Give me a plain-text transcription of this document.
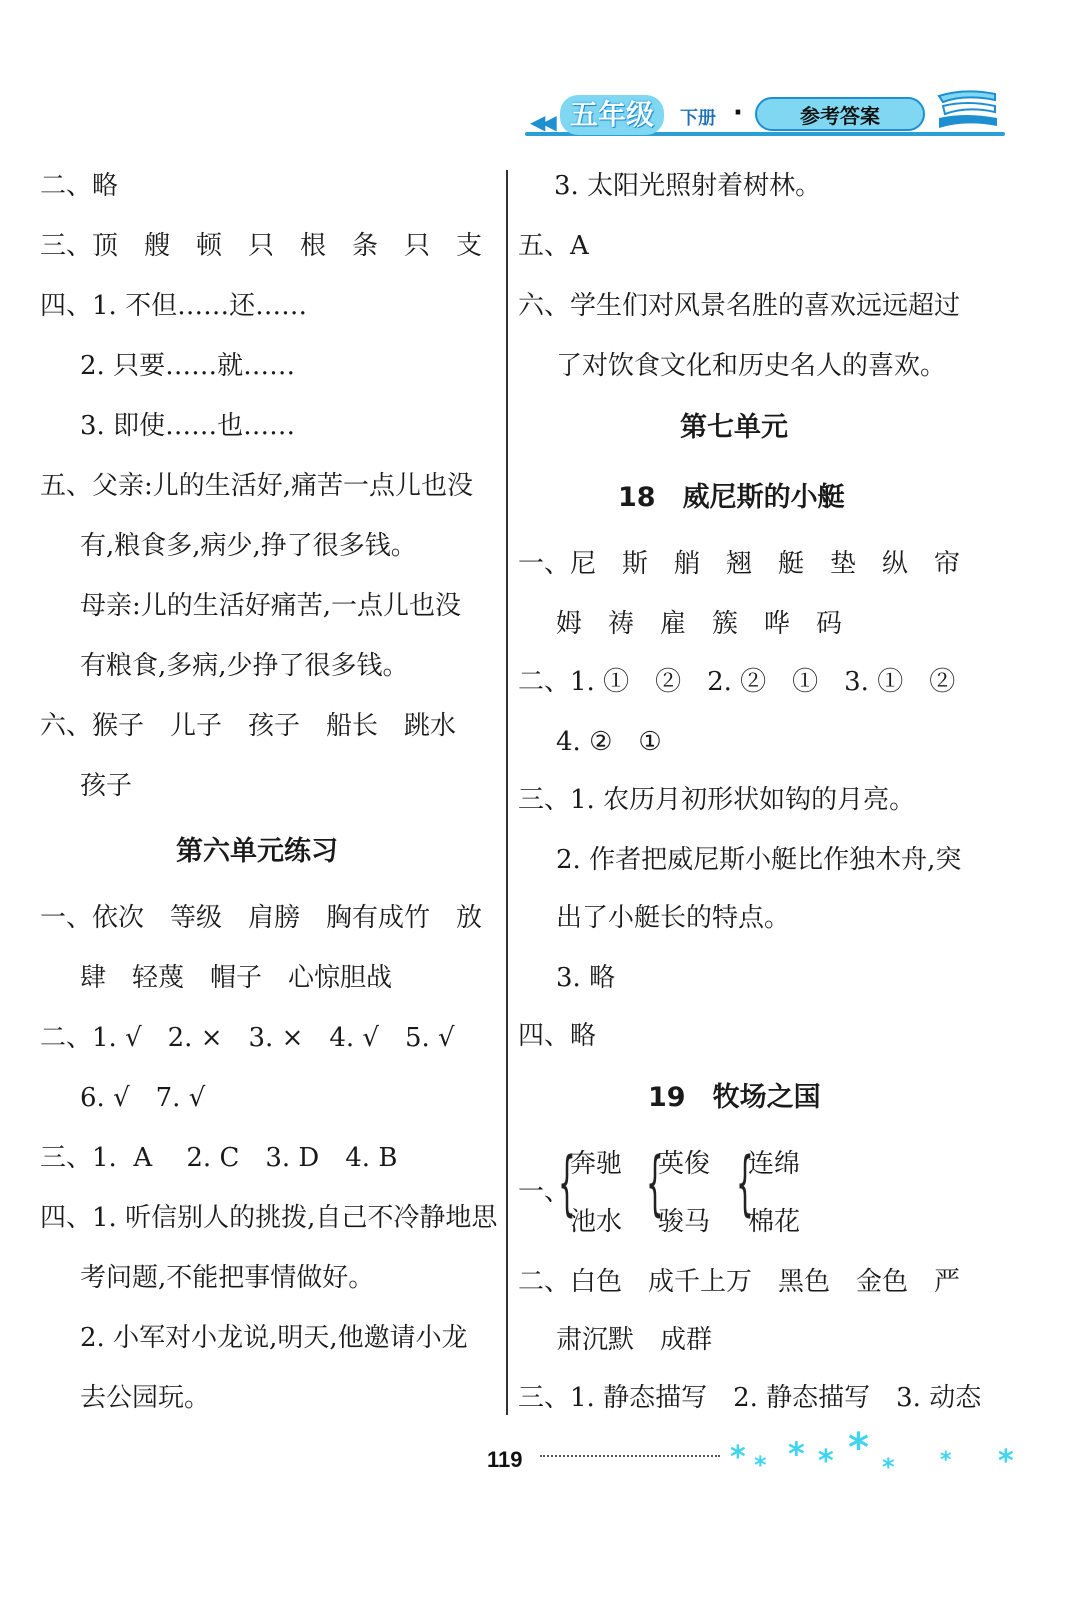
◀◀ 五年级	下册 ·	参考答案
二、略
三、顶　艘　顿　只　根　条　只　支
四、1. 不但……还……
2. 只要……就……
3. 即使……也……
五、父亲:儿的生活好,痛苦一点儿也没
有,粮食多,病少,挣了很多钱。
母亲:儿的生活好痛苦,一点儿也没
有粮食,多病,少挣了很多钱。
六、猴子　儿子　孩子　船长　跳水
孩子
第六单元练习
一、依次　等级　肩膀　胸有成竹　放
肆　轻蔑　帽子　心惊胆战
二、1. √　2. ×　3. ×　4. √　5. √
6. √　7. √
三、1.  A　 2. C　3. D　4. B
四、1. 听信别人的挑拨,自己不冷静地思
考问题,不能把事情做好。
2. 小军对小龙说,明天,他邀请小龙
去公园玩。
3. 太阳光照射着树林。
五、A
六、学生们对风景名胜的喜欢远远超过
了对饮食文化和历史名人的喜欢。
第七单元
18　威尼斯的小艇
一、尼　斯　艄　翘　艇　垫　纵　帘
姆　祷　雇　簇　哗　码
二、1. ①　②　2. ②　①　3. ①　②
4. ②　①
三、1. 农历月初形状如钩的月亮。
2. 作者把威尼斯小艇比作独木舟,突
出了小艇长的特点。
3. 略
四、略
19　牧场之国
一、
{
奔驰
池水 {
英俊
骏马 {
连绵
棉花
二、白色　成千上万　黑色　金色　严
肃沉默　成群
三、1. 静态描写　2. 静态描写　3. 动态
119	* * * * * * * *
